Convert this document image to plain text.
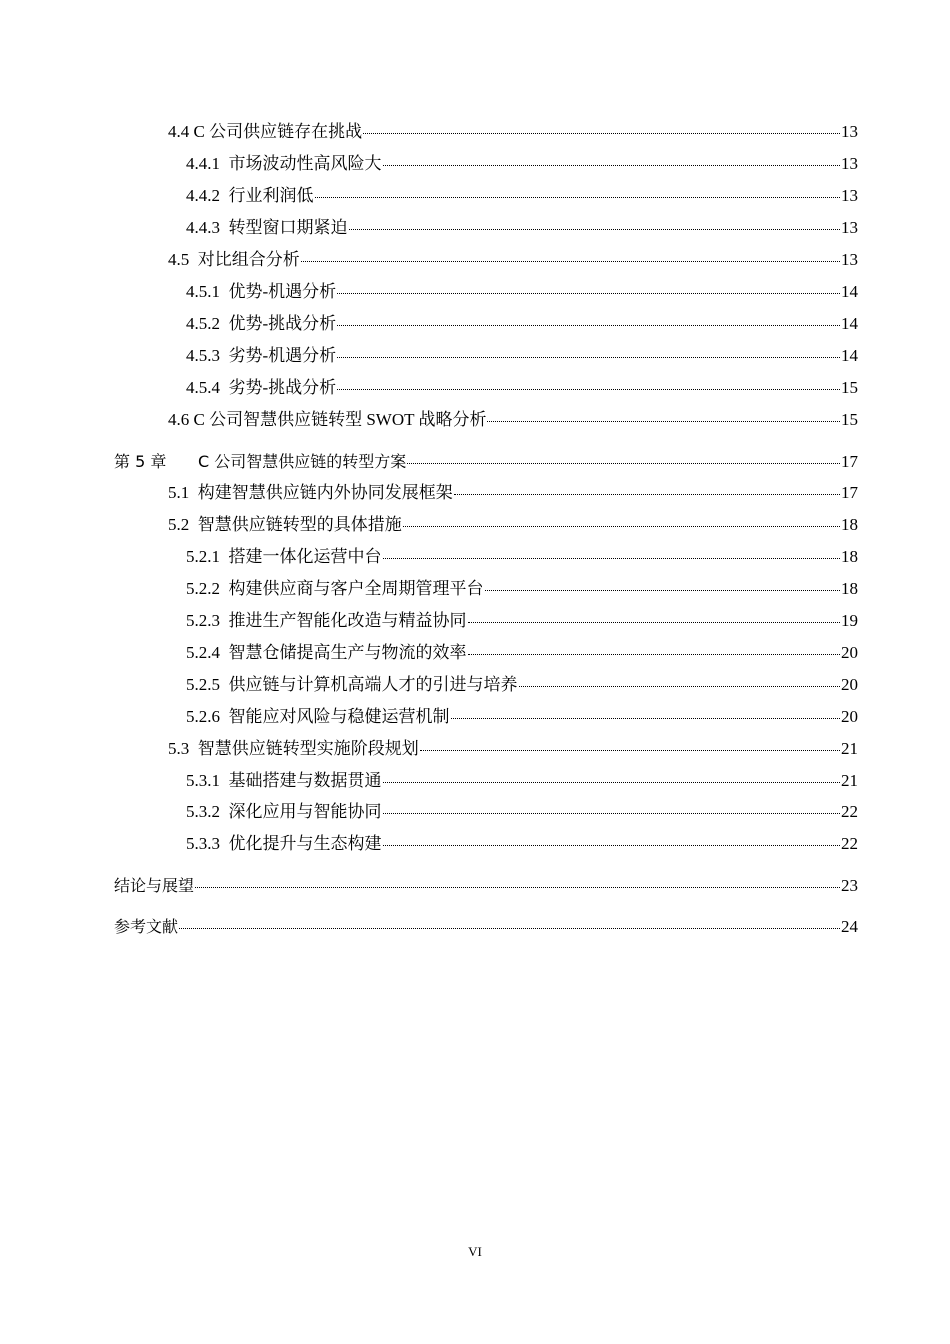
4.4 C 公司供应链存在挑战	13
4.4.1 市场波动性高风险大	13
4.4.2 行业利润低	13
4.4.3 转型窗口期紧迫	13
4.5 对比组合分析	13
4.5.1 优势-机遇分析	14
4.5.2 优势-挑战分析	14
4.5.3 劣势-机遇分析	14
4.5.4 劣势-挑战分析	15
4.6 C 公司智慧供应链转型 SWOT 战略分析	15
第 5 章 C 公司智慧供应链的转型方案	17
5.1 构建智慧供应链内外协同发展框架	17
5.2 智慧供应链转型的具体措施	18
5.2.1 搭建一体化运营中台	18
5.2.2 构建供应商与客户全周期管理平台	18
5.2.3 推进生产智能化改造与精益协同	19
5.2.4 智慧仓储提高生产与物流的效率	20
5.2.5 供应链与计算机高端人才的引进与培养	20
5.2.6 智能应对风险与稳健运营机制	20
5.3 智慧供应链转型实施阶段规划	21
5.3.1 基础搭建与数据贯通	21
5.3.2 深化应用与智能协同	22
5.3.3 优化提升与生态构建	22
结论与展望	23
参考文献	24
VI
